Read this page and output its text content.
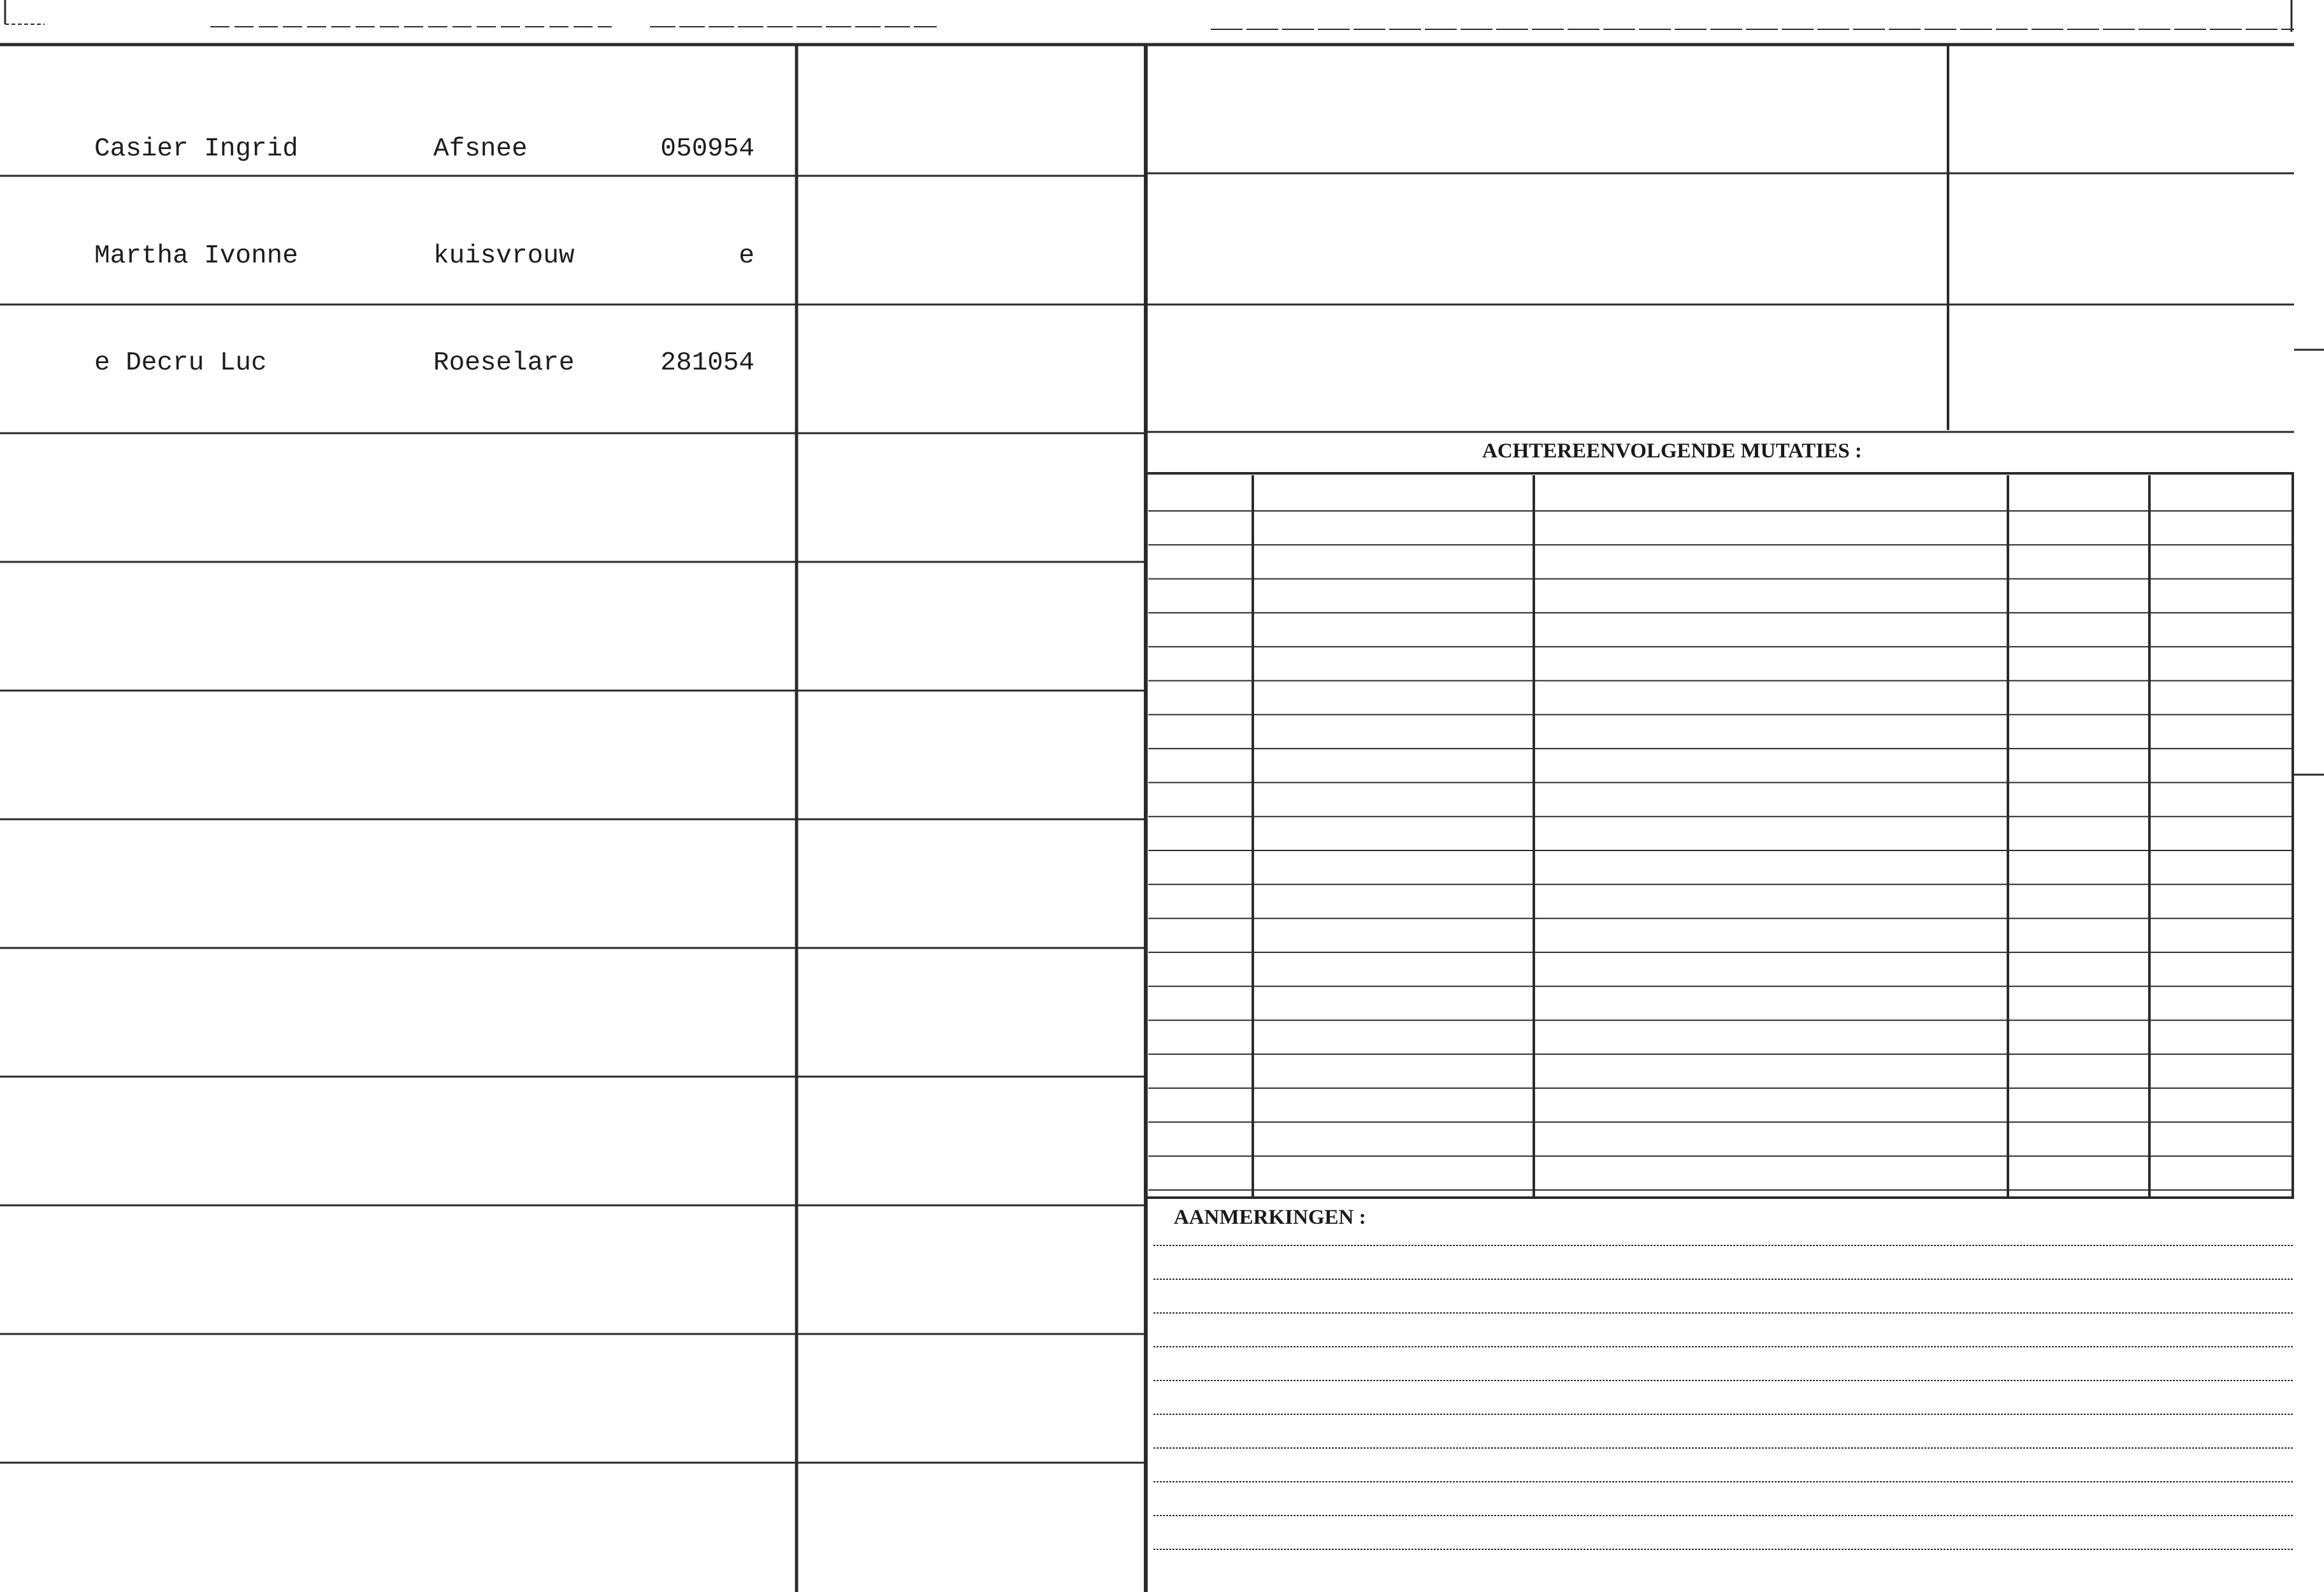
Casier Ingrid

Martha Ivonne

e Decru Luc

Afsnee

kuisvrouw

Roeselare

050954

e

281054

ACHTEREENVOLGENDE MUTATIES :
AANMERKINGEN :
